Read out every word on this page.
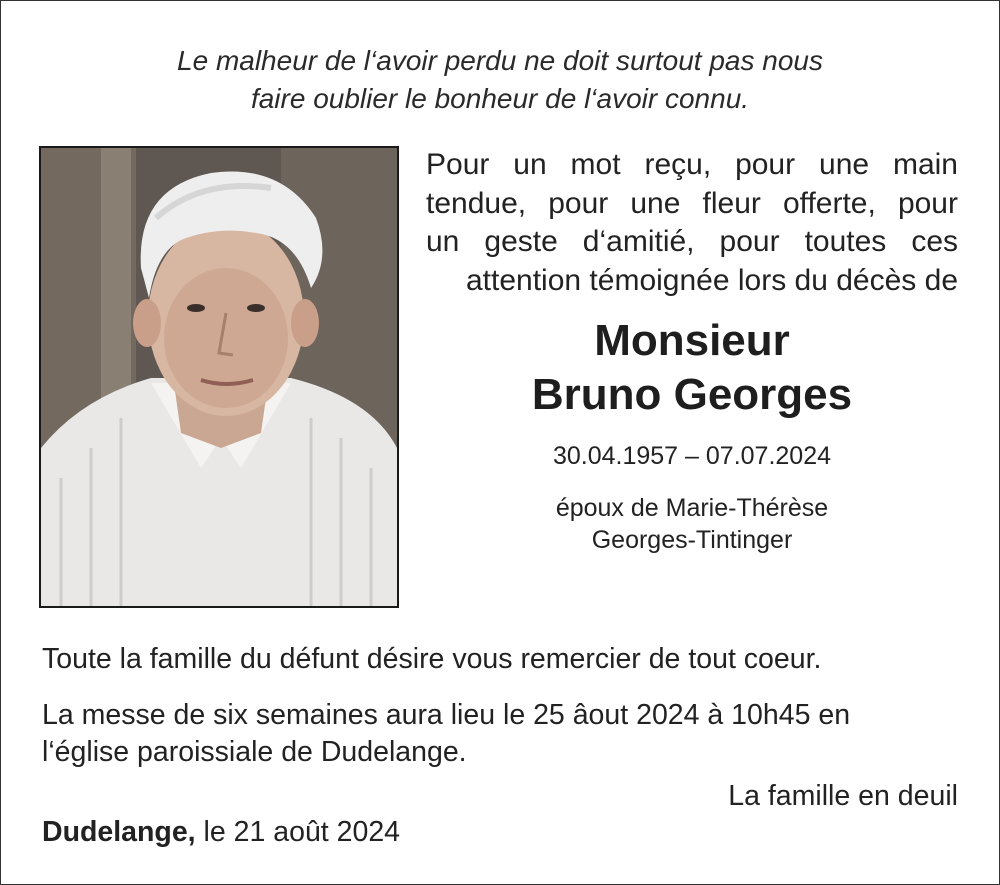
Le malheur de l‘avoir perdu ne doit surtout pas nous
faire oublier le bonheur de l‘avoir connu.
Pour un mot reçu, pour une main
tendue, pour une fleur offerte, pour
un geste d‘amitié, pour toutes ces
attention témoignée lors du décès de
Monsieur
Bruno Georges
30.04.1957 – 07.07.2024
époux de Marie-Thérèse
Georges-Tintinger
Toute la famille du défunt désire vous remercier de tout coeur.
La messe de six semaines aura lieu le 25 âout 2024 à 10h45 en
l‘église paroissiale de Dudelange.
La famille en deuil
Dudelange, le 21 août 2024
